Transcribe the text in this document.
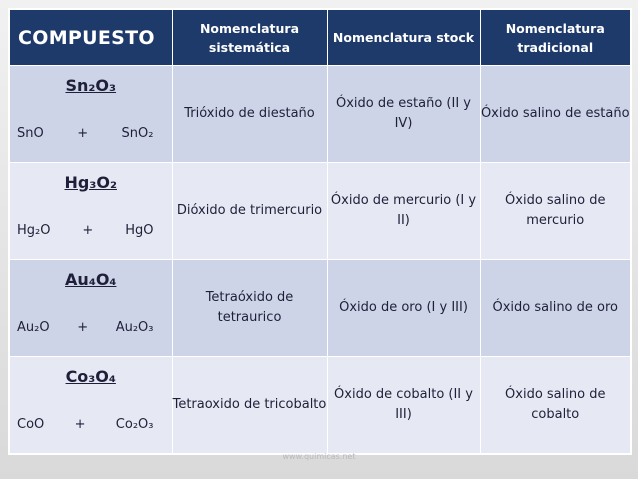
COMPUESTO	Nomenclatura sistemática	Nomenclatura stock	Nomenclatura tradicional

Sn₂O₃
SnO + SnO₂	Trióxido de diestaño	Óxido de estaño (II y IV)	Óxido salino de estaño

Hg₃O₂
Hg₂O + HgO	Dióxido de trimercurio	Óxido de mercurio (I y II)	Óxido salino de mercurio

Au₄O₄
Au₂O + Au₂O₃	Tetraóxido de tetraurico	Óxido de oro (I y III)	Óxido salino de oro

Co₃O₄
CoO + Co₂O₃	Tetraoxido de tricobalto	Óxido de cobalto (II y III)	Óxido salino de cobalto
www.quimicas.net
